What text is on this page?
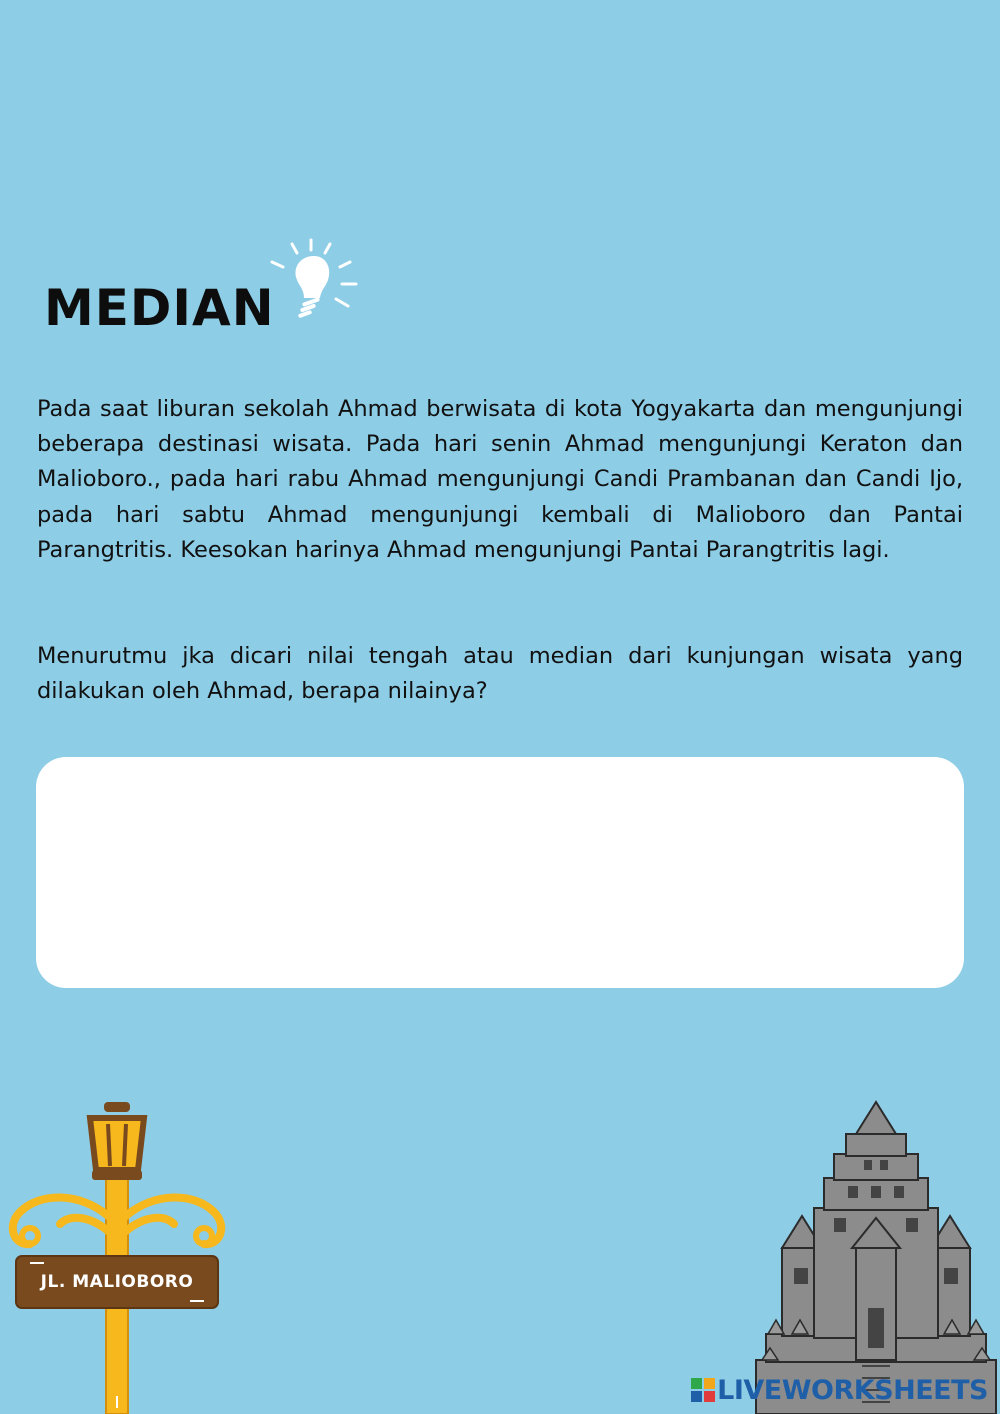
MEDIAN

Pada saat liburan sekolah Ahmad berwisata di kota Yogyakarta dan mengunjungi beberapa destinasi wisata. Pada hari senin Ahmad mengunjungi Keraton dan Malioboro., pada hari rabu Ahmad mengunjungi Candi Prambanan dan Candi Ijo, pada hari sabtu Ahmad mengunjungi kembali di Malioboro dan Pantai Parangtritis. Keesokan harinya Ahmad mengunjungi Pantai Parangtritis lagi.

Menurutmu jka dicari nilai tengah atau median dari kunjungan wisata yang dilakukan oleh Ahmad, berapa nilainya?

JL. MALIOBORO
LIVEWORKSHEETS
